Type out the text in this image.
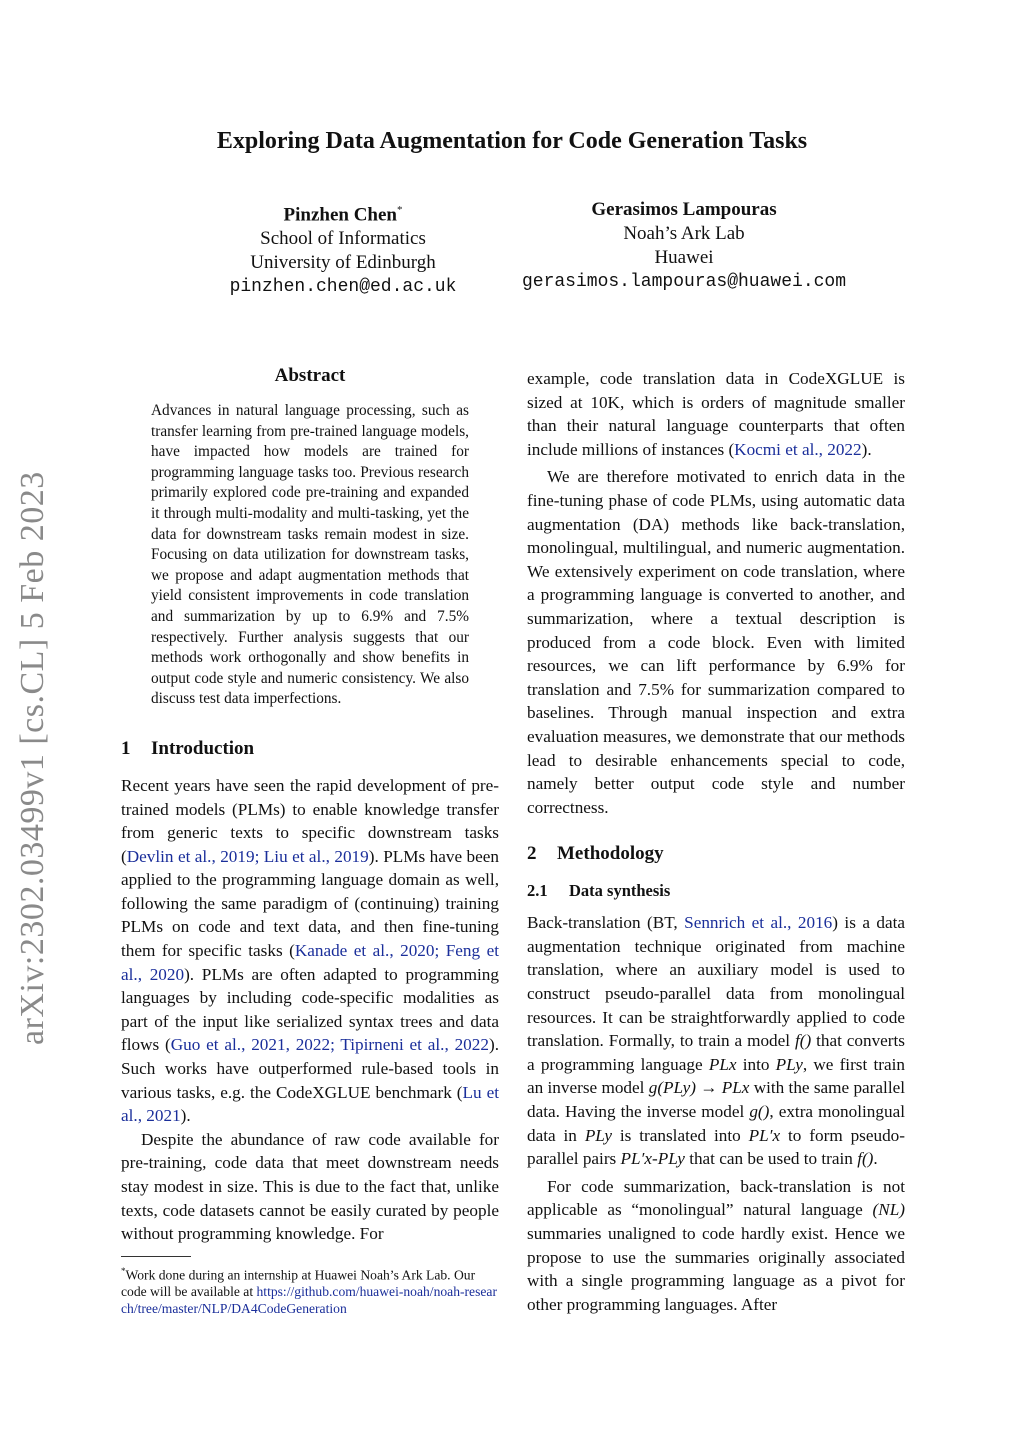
arXiv:2302.03499v1 [cs.CL] 5 Feb 2023
Exploring Data Augmentation for Code Generation Tasks
Pinzhen Chen*
School of Informatics
University of Edinburgh
pinzhen.chen@ed.ac.uk
Gerasimos Lampouras
Noah’s Ark Lab
Huawei
gerasimos.lampouras@huawei.com
Abstract

Advances in natural language processing, such as transfer learning from pre-trained language models, have impacted how models are trained for programming language tasks too. Previous research primarily explored code pre-training and expanded it through multi-modality and multi-tasking, yet the data for downstream tasks remain modest in size. Focusing on data utilization for downstream tasks, we propose and adapt augmentation methods that yield consistent improvements in code translation and summarization by up to 6.9% and 7.5% respectively. Further analysis suggests that our methods work orthogonally and show benefits in output code style and numeric consistency. We also discuss test data imperfections.

1 Introduction

Recent years have seen the rapid development of pre-trained models (PLMs) to enable knowledge transfer from generic texts to specific downstream tasks (Devlin et al., 2019; Liu et al., 2019). PLMs have been applied to the programming language domain as well, following the same paradigm of (continuing) training PLMs on code and text data, and then fine-tuning them for specific tasks (Kanade et al., 2020; Feng et al., 2020). PLMs are often adapted to programming languages by including code-specific modalities as part of the input like serialized syntax trees and data flows (Guo et al., 2021, 2022; Tipirneni et al., 2022). Such works have outperformed rule-based tools in various tasks, e.g. the CodeXGLUE benchmark (Lu et al., 2021).

Despite the abundance of raw code available for pre-training, code data that meet downstream needs stay modest in size. This is due to the fact that, unlike texts, code datasets cannot be easily curated by people without programming knowledge. For

*Work done during an internship at Huawei Noah’s Ark Lab. Our code will be available at https://github.com/huawei-noah/noah-research/tree/master/NLP/DA4CodeGeneration

example, code translation data in CodeXGLUE is sized at 10K, which is orders of magnitude smaller than their natural language counterparts that often include millions of instances (Kocmi et al., 2022).

We are therefore motivated to enrich data in the fine-tuning phase of code PLMs, using automatic data augmentation (DA) methods like back-translation, monolingual, multilingual, and numeric augmentation. We extensively experiment on code translation, where a programming language is converted to another, and summarization, where a textual description is produced from a code block. Even with limited resources, we can lift performance by 6.9% for translation and 7.5% for summarization compared to baselines. Through manual inspection and extra evaluation measures, we demonstrate that our methods lead to desirable enhancements special to code, namely better output code style and number correctness.

2 Methodology
2.1 Data synthesis

Back-translation (BT, Sennrich et al., 2016) is a data augmentation technique originated from machine translation, where an auxiliary model is used to construct pseudo-parallel data from monolingual resources. It can be straightforwardly applied to code translation. Formally, to train a model f() that converts a programming language PLx into PLy, we first train an inverse model g(PLy) → PLx with the same parallel data. Having the inverse model g(), extra monolingual data in PLy is translated into PL′x to form pseudo-parallel pairs PL′x-PLy that can be used to train f().

For code summarization, back-translation is not applicable as “monolingual” natural language (NL) summaries unaligned to code hardly exist. Hence we propose to use the summaries originally associated with a single programming language as a pivot for other programming languages. After
